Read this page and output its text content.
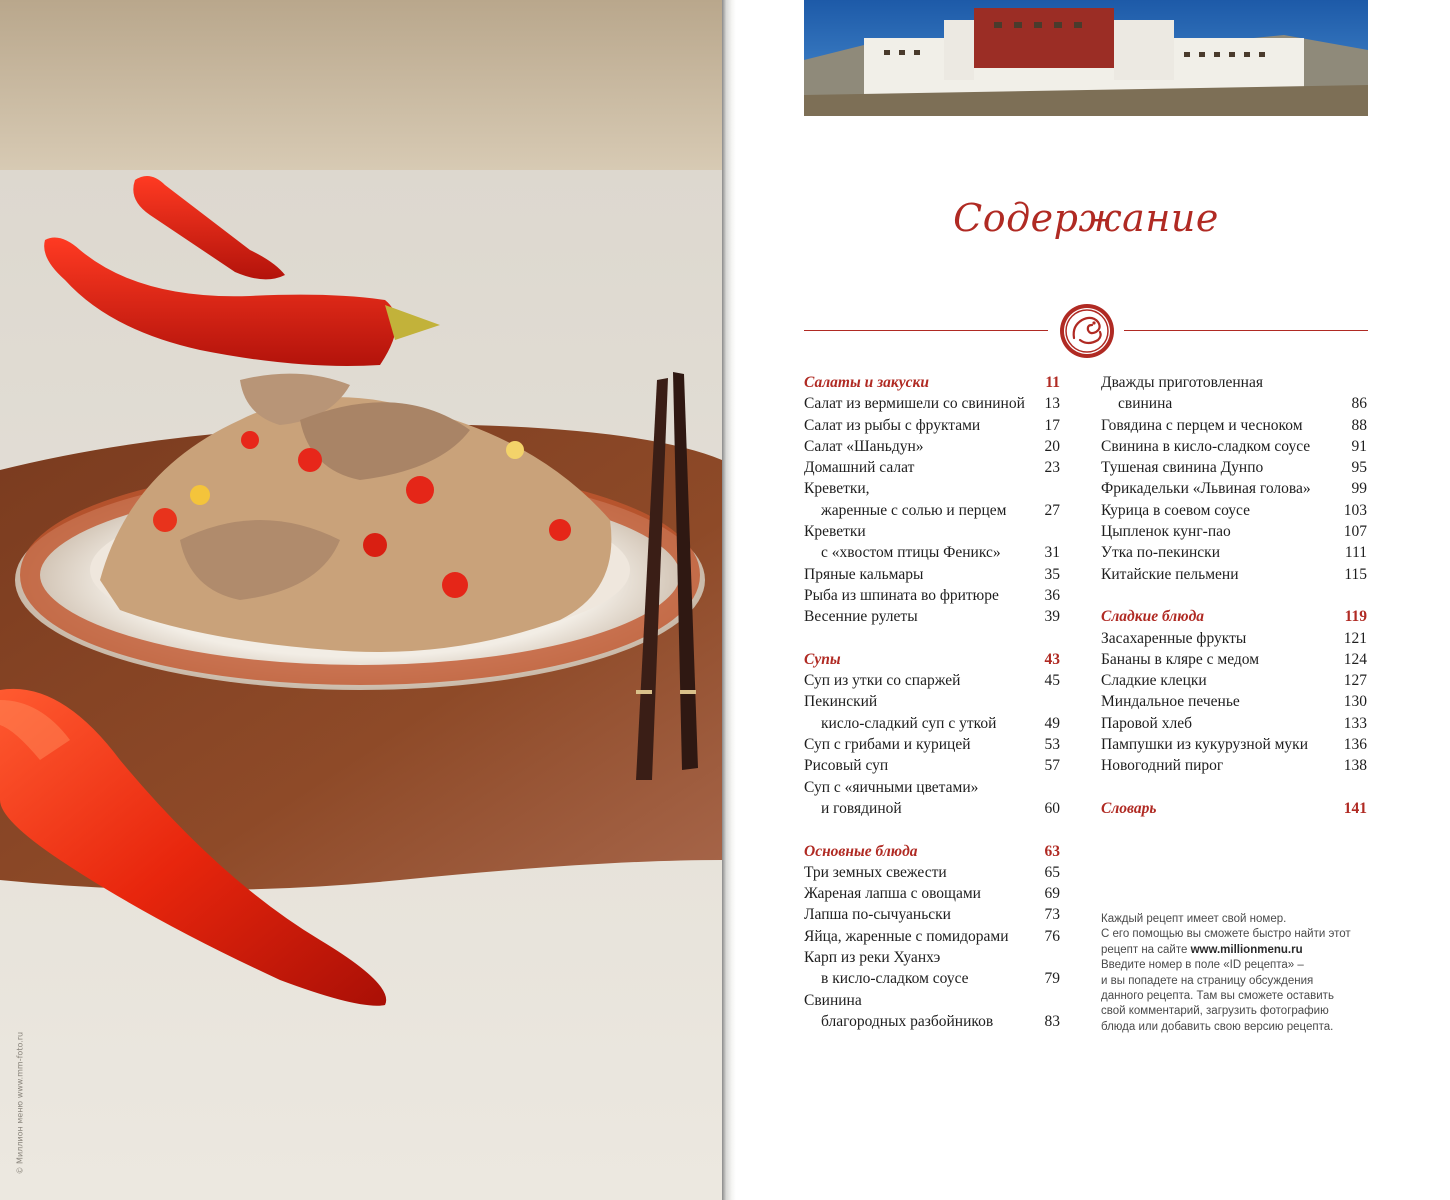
© Миллион меню www.mm-foto.ru
Содержание
Салаты и закуски	11
Салат из вермишели со свининой 13
Салат из рыбы с фруктами	17
Салат «Шаньдун»	20
Домашний салат	23
Креветки,
жаренные с солью и перцем 27
Креветки
с «хвостом птицы Феникс»	31
Пряные кальмары	35
Рыба из шпината во фритюре	36
Весенние рулеты	39
Супы	43
Суп из утки со спаржей	45
Пекинский
кисло-сладкий суп с уткой	49
Суп с грибами и курицей	53
Рисовый суп	57
Суп с «яичными цветами»
и говядиной	60
Основные блюда	63
Три земных свежести	65
Жареная лапша с овощами	69
Лапша по-сычуаньски	73
Яйца, жаренные с помидорами 76
Карп из реки Хуанхэ
в кисло-сладком соусе	79
Свинина
благородных разбойников	83
Дважды приготовленная
свинина	86
Говядина с перцем и чесноком	88
Свинина в кисло-сладком соусе	91
Тушеная свинина Дунпо	95
Фрикадельки «Львиная голова»	99
Курица в соевом соусе	103
Цыпленок кунг-пао	107
Утка по-пекински	111
Китайские пельмени	115
Сладкие блюда	119
Засахаренные фрукты	121
Бананы в кляре с медом	124
Сладкие клецки	127
Миндальное печенье	130
Паровой хлеб	133
Пампушки из кукурузной муки 136
Новогодний пирог	138
Словарь	141
Каждый рецепт имеет свой номер.
С его помощью вы сможете быстро найти этот
рецепт на сайте www.millionmenu.ru
Введите номер в поле «ID рецепта» –
и вы попадете на страницу обсуждения
данного рецепта. Там вы сможете оставить
свой комментарий, загрузить фотографию
блюда или добавить свою версию рецепта.
